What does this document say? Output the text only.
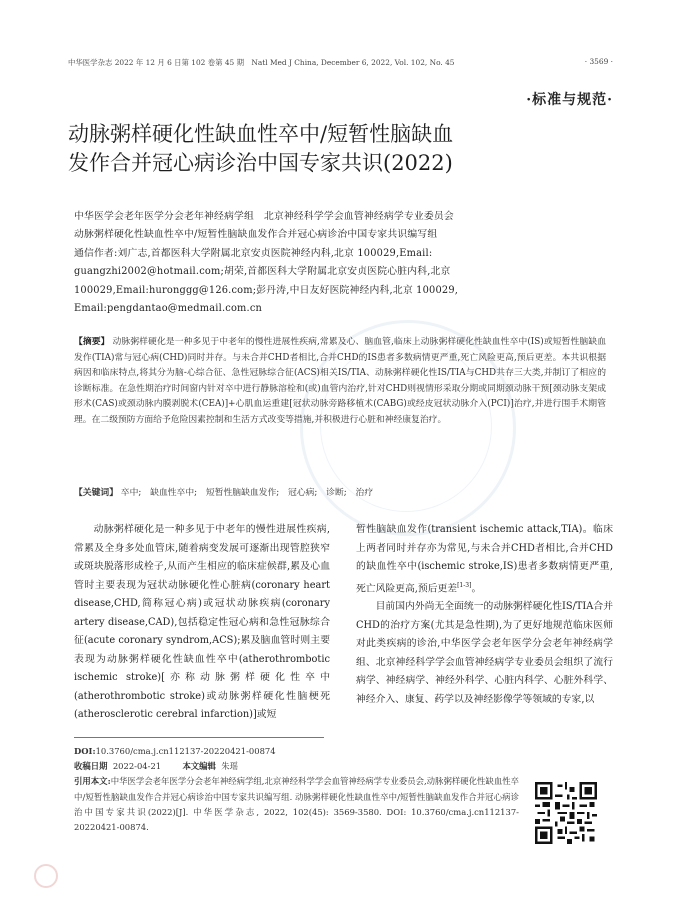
中华医学杂志 2022 年 12 月 6 日第 102 卷第 45 期　Natl Med J China, December 6, 2022, Vol. 102, No. 45	· 3569 ·
·标准与规范·
动脉粥样硬化性缺血性卒中/短暂性脑缺血
发作合并冠心病诊治中国专家共识(2022)
中华医学会老年医学分会老年神经病学组　北京神经科学学会血管神经病学专业委员会
动脉粥样硬化性缺血性卒中/短暂性脑缺血发作合并冠心病诊治中国专家共识编写组
通信作者:刘广志,首都医科大学附属北京安贞医院神经内科,北京 100029,Email:
guangzhi2002@hotmail.com;胡荣,首都医科大学附属北京安贞医院心脏内科,北京
100029,Email:huronggg@126.com;彭丹涛,中日友好医院神经内科,北京 100029,
Email:pengdantao@medmail.com.cn
【摘要】 动脉粥样硬化是一种多见于中老年的慢性进展性疾病,常累及心、脑血管,临床上动脉粥样硬化性缺血性卒中(IS)或短暂性脑缺血发作(TIA)常与冠心病(CHD)同时并存。与未合并CHD者相比,合并CHD的IS患者多数病情更严重,死亡风险更高,预后更差。本共识根据病因和临床特点,将其分为脑-心综合征、急性冠脉综合征(ACS)相关IS/TIA、动脉粥样硬化性IS/TIA与CHD共存三大类,并制订了相应的诊断标准。在急性期治疗时间窗内针对卒中进行静脉溶栓和(或)血管内治疗,针对CHD则视情形采取分期或同期颈动脉干预[颈动脉支架成形术(CAS)或颈动脉内膜剥脱术(CEA)]+心肌血运重建[冠状动脉旁路移植术(CABG)或经皮冠状动脉介入(PCI)]治疗,并进行围手术期管理。在二级预防方面给予危险因素控制和生活方式改变等措施,并积极进行心脏和神经康复治疗。
【关键词】 卒中;　缺血性卒中;　短暂性脑缺血发作;　冠心病;　诊断;　治疗

动脉粥样硬化是一种多见于中老年的慢性进展性疾病,常累及全身多处血管床,随着病变发展可逐渐出现管腔狭窄或斑块脱落形成栓子,从而产生相应的临床症候群,累及心血管时主要表现为冠状动脉硬化性心脏病(coronary heart disease,CHD,简称冠心病)或冠状动脉疾病(coronary artery disease,CAD),包括稳定性冠心病和急性冠脉综合征(acute coronary syndrom,ACS);累及脑血管时则主要表现为动脉粥样硬化性缺血性卒中(atherothrombotic ischemic stroke)[亦称动脉粥样硬化性卒中(atherothrombotic stroke)或动脉粥样硬化性脑梗死(atherosclerotic cerebral infarction)]或短

暂性脑缺血发作(transient ischemic attack,TIA)。临床上两者同时并存亦为常见,与未合并CHD者相比,合并CHD的缺血性卒中(ischemic stroke,IS)患者多数病情更严重,死亡风险更高,预后更差[1-3]。

目前国内外尚无全面统一的动脉粥样硬化性IS/TIA合并CHD的治疗方案(尤其是急性期),为了更好地规范临床医师对此类疾病的诊治,中华医学会老年医学分会老年神经病学组、北京神经科学学会血管神经病学专业委员会组织了流行病学、神经病学、神经外科学、心脏内科学、心脏外科学、神经介入、康复、药学以及神经影像学等领域的专家,以

DOI:10.3760/cma.j.cn112137-20220421-00874
收稿日期 2022-04-21	本文编辑 朱瑶
引用本文:中华医学会老年医学分会老年神经病学组,北京神经科学学会血管神经病学专业委员会,动脉粥样硬化性缺血性卒中/短暂性脑缺血发作合并冠心病诊治中国专家共识编写组. 动脉粥样硬化性缺血性卒中/短暂性脑缺血发作合并冠心病诊治中国专家共识(2022)[J]. 中华医学杂志, 2022, 102(45): 3569-3580. DOI: 10.3760/cma.j.cn112137-20220421-00874.
